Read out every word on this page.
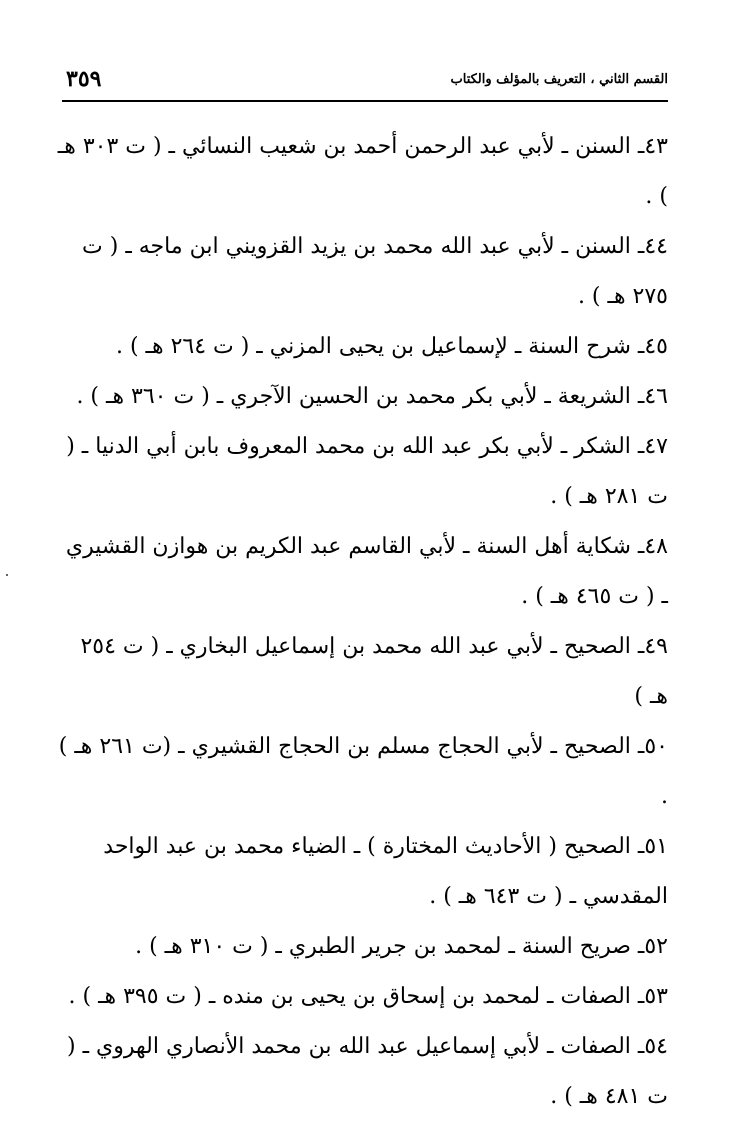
القسم الثاني ، التعريف بالمؤلف والكتاب
٣٥٩

٤٣ـ السنن ـ لأبي عبد الرحمن أحمد بن شعيب النسائي ـ ( ت ٣٠٣ هـ ) .

٤٤ـ السنن ـ لأبي عبد الله محمد بن يزيد القزويني ابن ماجه ـ ( ت ٢٧٥ هـ ) .

٤٥ـ شرح السنة ـ لإسماعيل بن يحيى المزني ـ ( ت ٢٦٤ هـ ) .

٤٦ـ الشريعة ـ لأبي بكر محمد بن الحسين الآجري ـ ( ت ٣٦٠ هـ ) .

٤٧ـ الشكر ـ لأبي بكر عبد الله بن محمد المعروف بابن أبي الدنيا ـ ( ت ٢٨١ هـ ) .

٤٨ـ شكاية أهل السنة ـ لأبي القاسم عبد الكريم بن هوازن القشيري ـ ( ت ٤٦٥ هـ ) .

٤٩ـ الصحيح ـ لأبي عبد الله محمد بن إسماعيل البخاري ـ ( ت ٢٥٤ هـ )

٥٠ـ الصحيح ـ لأبي الحجاج مسلم بن الحجاج القشيري ـ (ت ٢٦١ هـ ) .

٥١ـ الصحيح ( الأحاديث المختارة ) ـ الضياء محمد بن عبد الواحد المقدسي ـ ( ت ٦٤٣ هـ ) .

٥٢ـ صريح السنة ـ لمحمد بن جرير الطبري ـ ( ت ٣١٠ هـ ) .

٥٣ـ الصفات ـ لمحمد بن إسحاق بن يحيى بن منده ـ ( ت ٣٩٥ هـ ) .

٥٤ـ الصفات ـ لأبي إسماعيل عبد الله بن محمد الأنصاري الهروي ـ ( ت ٤٨١ هـ ) .
